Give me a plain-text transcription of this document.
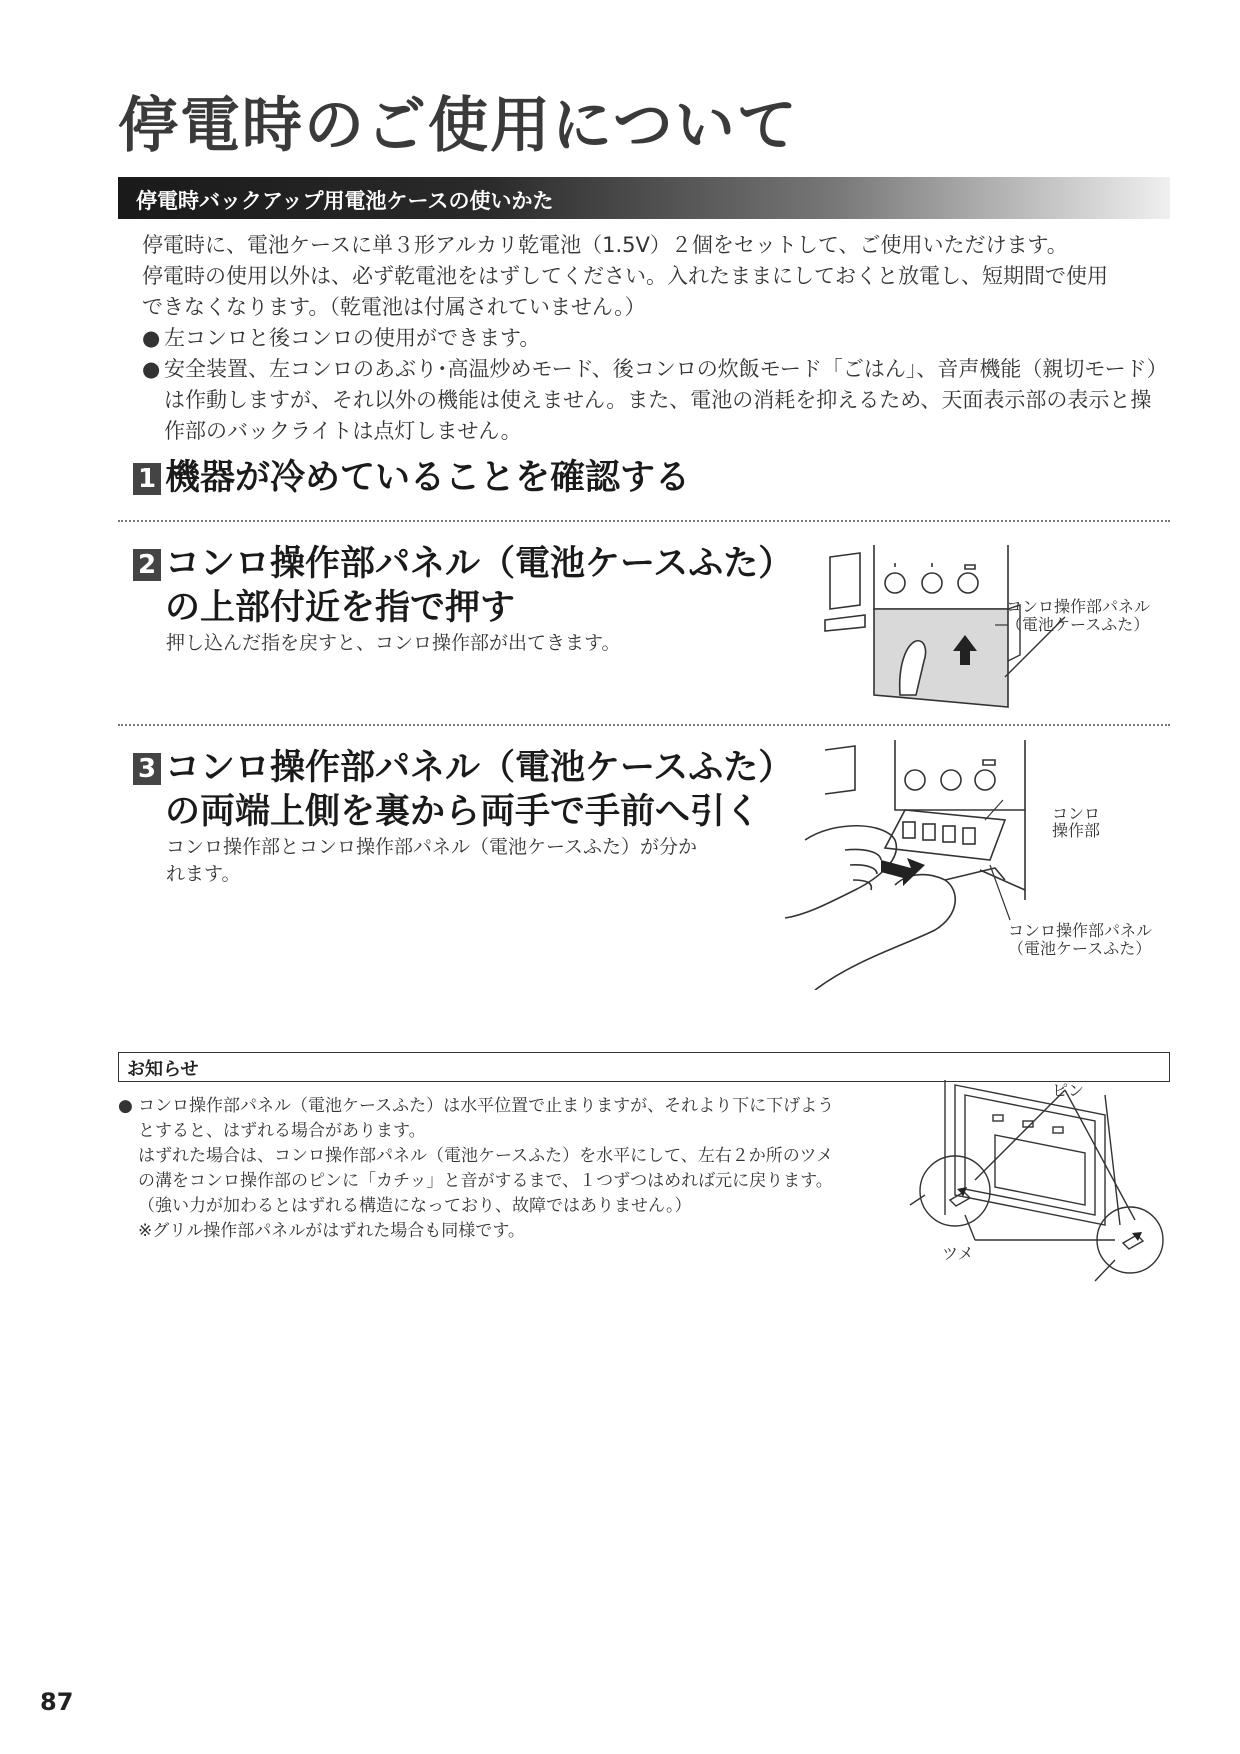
停電時のご使用について
停電時バックアップ用電池ケースの使いかた

停電時に、電池ケースに単３形アルカリ乾電池（1.5V）２個をセットして、ご使用いただけます。

停電時の使用以外は、必ず乾電池をはずしてください。入れたままにしておくと放電し、短期間で使用

できなくなります。（乾電池は付属されていません。）

● 左コンロと後コンロの使用ができます。
● 安全装置、左コンロのあぶり･高温炒めモード、後コンロの炊飯モード「ごはん」、音声機能（親切モード）は作動しますが、それ以外の機能は使えません。また、電池の消耗を抑えるため、天面表示部の表示と操作部のバックライトは点灯しません。
1 機器が冷めていることを確認する
2 コンロ操作部パネル（電池ケースふた）
の上部付近を指で押す
押し込んだ指を戻すと、コンロ操作部が出てきます。
コンロ操作部パネル
（電池ケースふた）
3 コンロ操作部パネル（電池ケースふた）
の両端上側を裏から両手で手前へ引く
コンロ操作部とコンロ操作部パネル（電池ケースふた）が分か
れます。
コンロ
操作部
コンロ操作部パネル
（電池ケースふた）
お知らせ
● コンロ操作部パネル（電池ケースふた）は水平位置で止まりますが、それより下に下げよう
とすると、はずれる場合があります。
はずれた場合は、コンロ操作部パネル（電池ケースふた）を水平にして、左右２か所のツメ
の溝をコンロ操作部のピンに「カチッ」と音がするまで、１つずつはめれば元に戻ります。
（強い力が加わるとはずれる構造になっており、故障ではありません。）
※グリル操作部パネルがはずれた場合も同様です。
ピン
ツメ
87
